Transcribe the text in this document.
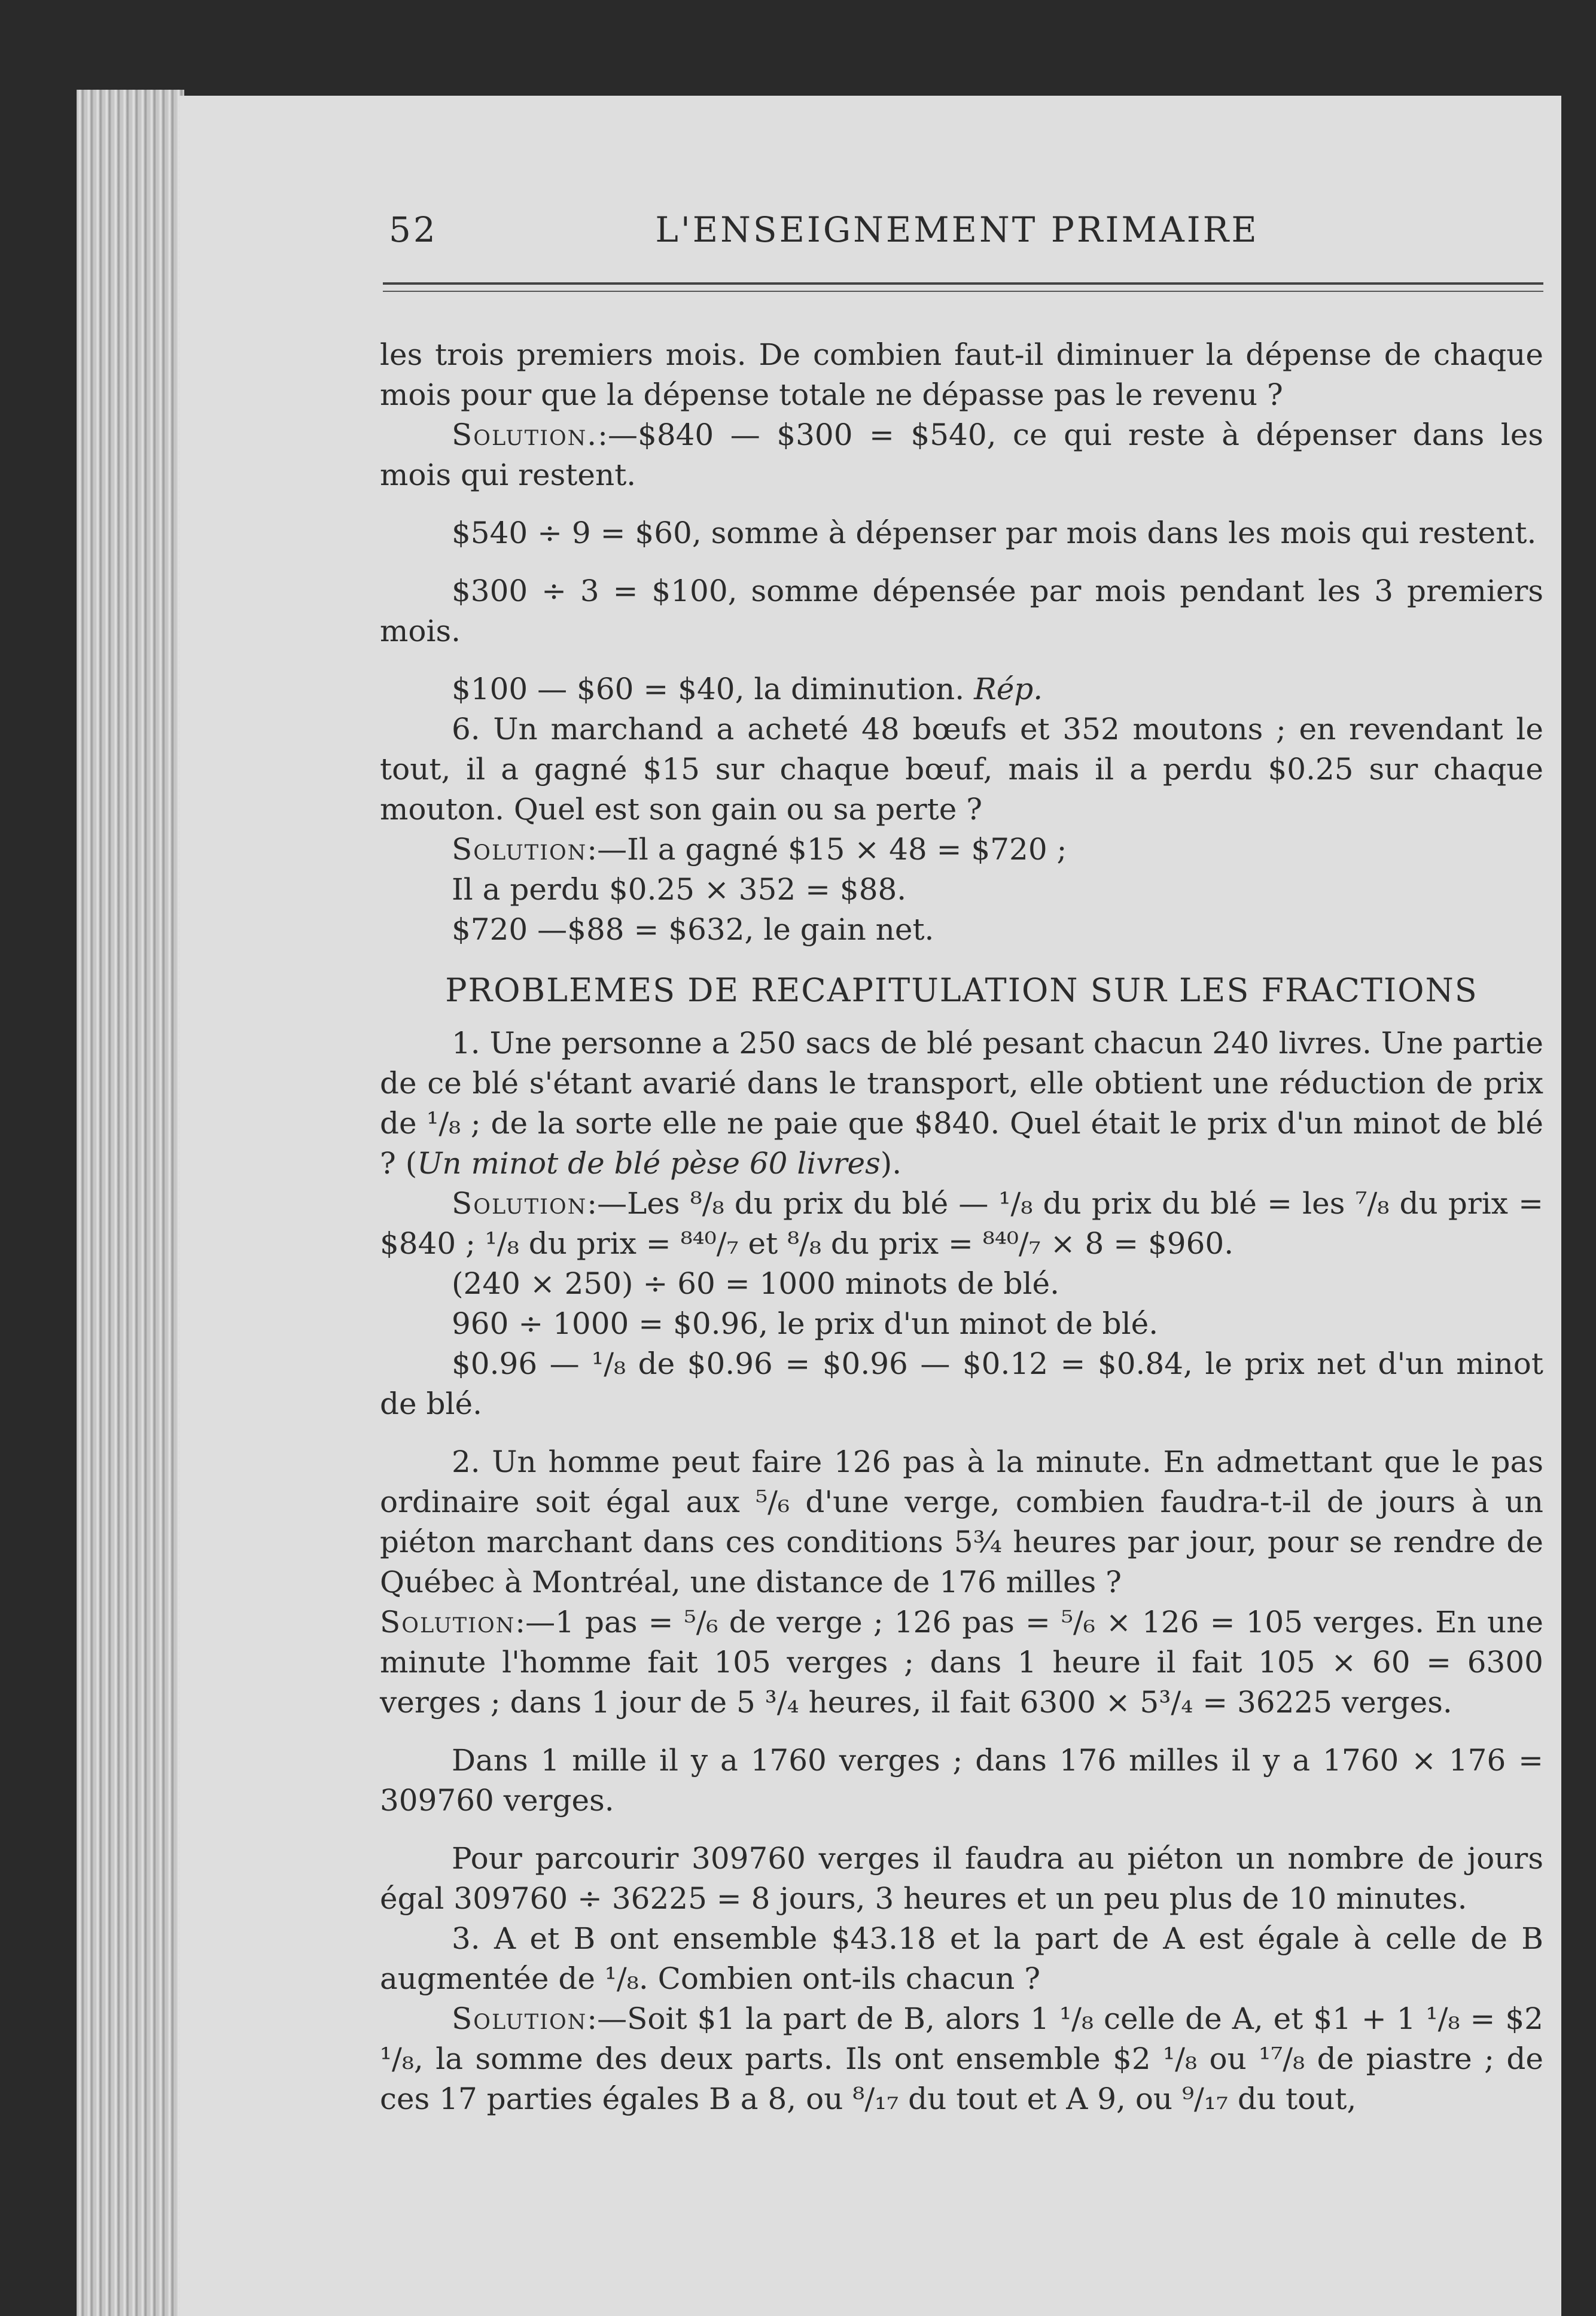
52	L'ENSEIGNEMENT PRIMAIRE

les trois premiers mois. De combien faut-il diminuer la dépense de chaque mois pour que la dépense totale ne dépasse pas le revenu ?

Solution.:—$840 — $300 = $540, ce qui reste à dépenser dans les mois qui restent.

$540 ÷ 9 = $60, somme à dépenser par mois dans les mois qui restent.

$300 ÷ 3 = $100, somme dépensée par mois pendant les 3 premiers mois.

$100 — $60 = $40, la diminution. Rép.

6. Un marchand a acheté 48 bœufs et 352 moutons ; en revendant le tout, il a gagné $15 sur chaque bœuf, mais il a perdu $0.25 sur chaque mouton. Quel est son gain ou sa perte ?

Solution:—Il a gagné $15 × 48 = $720 ;

Il a perdu $0.25 × 352 = $88.

$720 —$88 = $632, le gain net.

PROBLEMES DE RECAPITULATION SUR LES FRACTIONS

1. Une personne a 250 sacs de blé pesant chacun 240 livres. Une partie de ce blé s'étant avarié dans le transport, elle obtient une réduction de prix de ¹/₈ ; de la sorte elle ne paie que $840. Quel était le prix d'un minot de blé ? (Un minot de blé pèse 60 livres).

Solution:—Les ⁸/₈ du prix du blé — ¹/₈ du prix du blé = les ⁷/₈ du prix = $840 ; ¹/₈ du prix = ⁸⁴⁰/₇ et ⁸/₈ du prix = ⁸⁴⁰/₇ × 8 = $960.

(240 × 250) ÷ 60 = 1000 minots de blé.

960 ÷ 1000 = $0.96, le prix d'un minot de blé.

$0.96 — ¹/₈ de $0.96 = $0.96 — $0.12 = $0.84, le prix net d'un minot de blé.

2. Un homme peut faire 126 pas à la minute. En admettant que le pas ordinaire soit égal aux ⁵/₆ d'une verge, combien faudra-t-il de jours à un piéton marchant dans ces conditions 5¾ heures par jour, pour se rendre de Québec à Montréal, une distance de 176 milles ?

Solution:—1 pas = ⁵/₆ de verge ; 126 pas = ⁵/₆ × 126 = 105 verges. En une minute l'homme fait 105 verges ; dans 1 heure il fait 105 × 60 = 6300 verges ; dans 1 jour de 5 ³/₄ heures, il fait 6300 × 5³/₄ = 36225 verges.

Dans 1 mille il y a 1760 verges ; dans 176 milles il y a 1760 × 176 = 309760 verges.

Pour parcourir 309760 verges il faudra au piéton un nombre de jours égal 309760 ÷ 36225 = 8 jours, 3 heures et un peu plus de 10 minutes.

3. A et B ont ensemble $43.18 et la part de A est égale à celle de B augmentée de ¹/₈. Combien ont-ils chacun ?

Solution:—Soit $1 la part de B, alors 1 ¹/₈ celle de A, et $1 + 1 ¹/₈ = $2 ¹/₈, la somme des deux parts. Ils ont ensemble $2 ¹/₈ ou ¹⁷/₈ de piastre ; de ces 17 parties égales B a 8, ou ⁸/₁₇ du tout et A 9, ou ⁹/₁₇ du tout,
